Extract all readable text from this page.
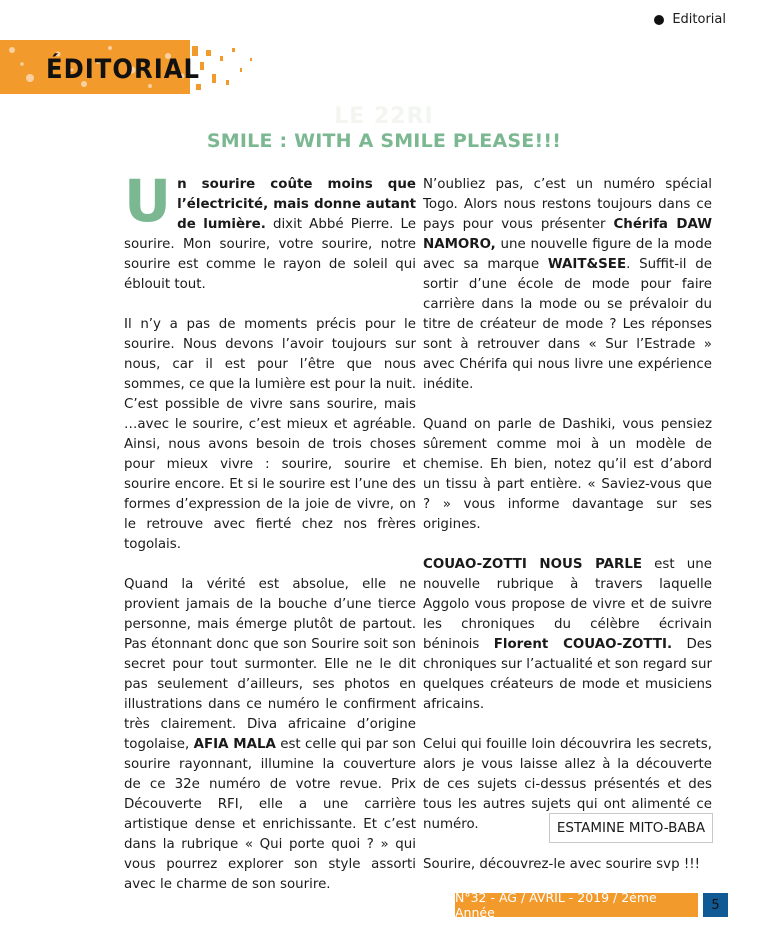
Editorial
ÉDITORIAL
LE 22RI
SMILE : WITH A SMILE PLEASE!!!

Un sourire coûte moins que l’électricité, mais donne autant de lumière. dixit Abbé Pierre. Le sourire. Mon sourire, votre sourire, notre sourire est comme le rayon de soleil qui éblouit tout.

Il n’y a pas de moments précis pour le sourire. Nous devons l’avoir toujours sur nous, car il est pour l’être que nous sommes, ce que la lumière est pour la nuit. C’est possible de vivre sans sourire, mais …avec le sourire, c’est mieux et agréable. Ainsi, nous avons besoin de trois choses pour mieux vivre : sourire, sourire et sourire encore. Et si le sourire est l’une des formes d’expression de la joie de vivre, on le retrouve avec fierté chez nos frères togolais.

Quand la vérité est absolue, elle ne provient jamais de la bouche d’une tierce personne, mais émerge plutôt de partout. Pas étonnant donc que son Sourire soit son secret pour tout surmonter. Elle ne le dit pas seulement d’ailleurs, ses photos en illustrations dans ce numéro le confirment très clairement. Diva africaine d’origine togolaise, AFIA MALA est celle qui par son sourire rayonnant, illumine la couverture de ce 32e numéro de votre revue. Prix Découverte RFI, elle a une carrière artistique dense et enrichissante. Et c’est dans la rubrique « Qui porte quoi ? » qui vous pourrez explorer son style assorti avec le charme de son sourire.

N’oubliez pas, c’est un numéro spécial Togo. Alors nous restons toujours dans ce pays pour vous présenter Chérifa DAW NAMORO, une nouvelle figure de la mode avec sa marque WAIT&SEE. Suffit-il de sortir d’une école de mode pour faire carrière dans la mode ou se prévaloir du titre de créateur de mode ? Les réponses sont à retrouver dans « Sur l’Estrade » avec Chérifa qui nous livre une expérience inédite.

Quand on parle de Dashiki, vous pensiez sûrement comme moi à un modèle de chemise. Eh bien, notez qu’il est d’abord un tissu à part entière. « Saviez-vous que ? » vous informe davantage sur ses origines.

COUAO-ZOTTI NOUS PARLE est une nouvelle rubrique à travers laquelle Aggolo vous propose de vivre et de suivre les chroniques du célèbre écrivain béninois Florent COUAO-ZOTTI. Des chroniques sur l’actualité et son regard sur quelques créateurs de mode et musiciens africains.

Celui qui fouille loin découvrira les secrets, alors je vous laisse allez à la découverte de ces sujets ci-dessus présentés et des tous les autres sujets qui ont alimenté ce numéro.

Sourire, découvrez-le avec sourire svp !!!

ESTAMINE MITO-BABA
N°32 - AG / AVRIL - 2019 / 2ème Année	5
